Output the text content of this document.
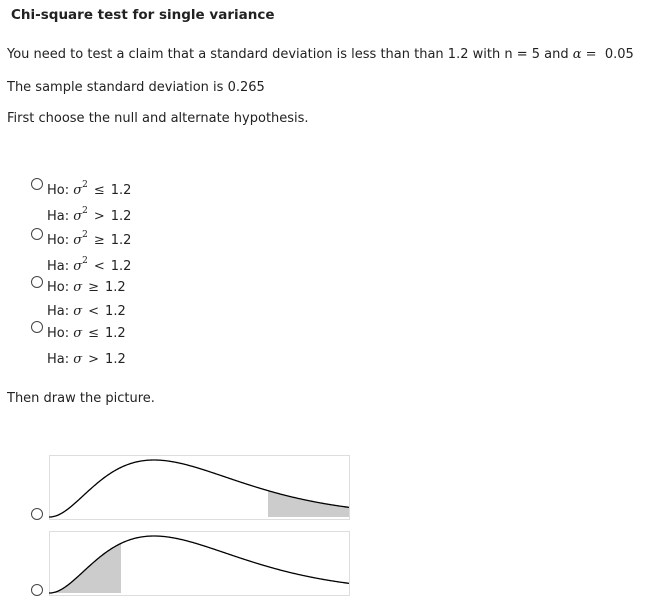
Chi-square test for single variance
You need to test a claim that a standard deviation is less than than 1.2 with n = 5 and α = 0.05
The sample standard deviation is 0.265
First choose the null and alternate hypothesis.
Ho: $\sigma^2 \le 1.2$
Ha: $\sigma^2 > 1.2$
Ho: $\sigma^2 \ge 1.2$
Ha: $\sigma^2 < 1.2$
Ho: σ ≥ 1.2
Ha: σ < 1.2
Ho: σ ≤ 1.2
Ha: σ > 1.2
Then draw the picture.
